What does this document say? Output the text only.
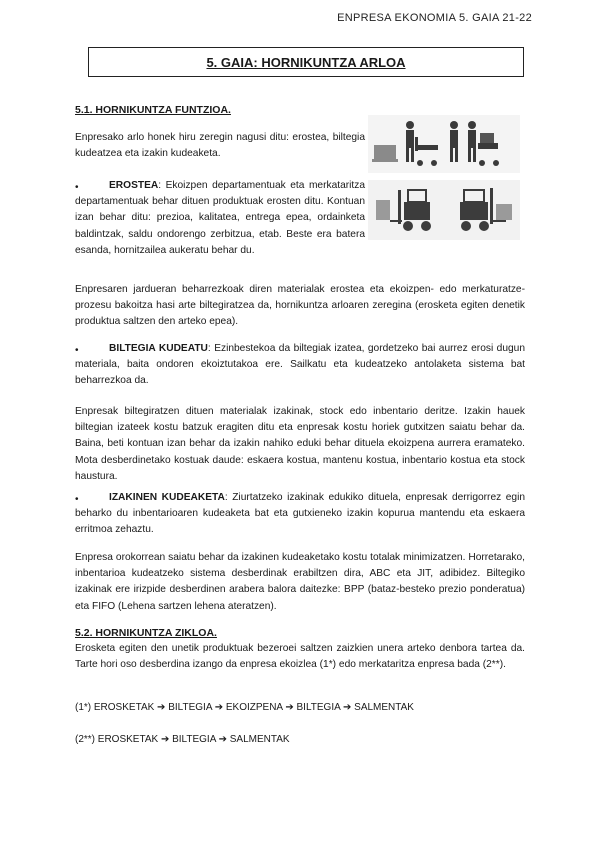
ENPRESA EKONOMIA 5. GAIA 21-22
5. GAIA: HORNIKUNTZA ARLOA
5.1. HORNIKUNTZA FUNTZIOA.

Enpresako arlo honek hiru zeregin nagusi ditu: erostea, biltegia kudeatzea eta izakin kudeaketa.

•	EROSTEA: Ekoizpen departamentuak eta merkataritza departamentuak behar dituen produktuak erosten ditu. Kontuan izan behar ditu: prezioa, kalitatea, entrega epea, ordainketa baldintzak, saldu ondorengo zerbitzua, etab. Beste era batera esanda, hornitzailea aukeratu behar du.

Enpresaren jardueran beharrezkoak diren materialak erostea eta ekoizpen- edo merkaturatze-prozesu bakoitza hasi arte biltegiratzea da, hornikuntza arloaren zeregina (erosketa egiten denetik produktua saltzen den arteko epea).

•	BILTEGIA KUDEATU: Ezinbestekoa da biltegiak izatea, gordetzeko bai aurrez erosi dugun materiala, baita ondoren ekoiztutakoa ere. Sailkatu eta kudeatzeko antolaketa sistema bat beharrezkoa da.

Enpresak biltegiratzen dituen materialak izakinak, stock edo inbentario deritze. Izakin hauek biltegian izateek kostu batzuk eragiten ditu eta enpresak kostu horiek gutxitzen saiatu behar da. Baina, beti kontuan izan behar da izakin nahiko eduki behar dituela ekoizpena aurrera eramateko. Mota desberdinetako kostuak daude: eskaera kostua, mantenu kostua, inbentario kostua eta stock haustura.

•	IZAKINEN KUDEAKETA: Ziurtatzeko izakinak edukiko dituela, enpresak derrigorrez egin beharko du inbentarioaren kudeaketa bat eta gutxieneko izakin kopurua mantendu eta eskaera erritmoa zehaztu.

Enpresa orokorrean saiatu behar da izakinen kudeaketako kostu totalak minimizatzen. Horretarako, inbentarioa kudeatzeko sistema desberdinak erabiltzen dira, ABC eta JIT, adibidez. Biltegiko izakinak ere irizpide desberdinen arabera balora daitezke: BPP (bataz-besteko prezio ponderatua) eta FIFO (Lehena sartzen lehena ateratzen).

5.2. HORNIKUNTZA ZIKLOA.

Erosketa egiten den unetik produktuak bezeroei saltzen zaizkien unera arteko denbora tartea da. Tarte hori oso desberdina izango da enpresa ekoizlea (1*) edo merkataritza enpresa bada (2**).

(1*) EROSKETAK ➔ BILTEGIA ➔ EKOIZPENA ➔ BILTEGIA ➔ SALMENTAK
(2**) EROSKETAK ➔ BILTEGIA ➔ SALMENTAK
